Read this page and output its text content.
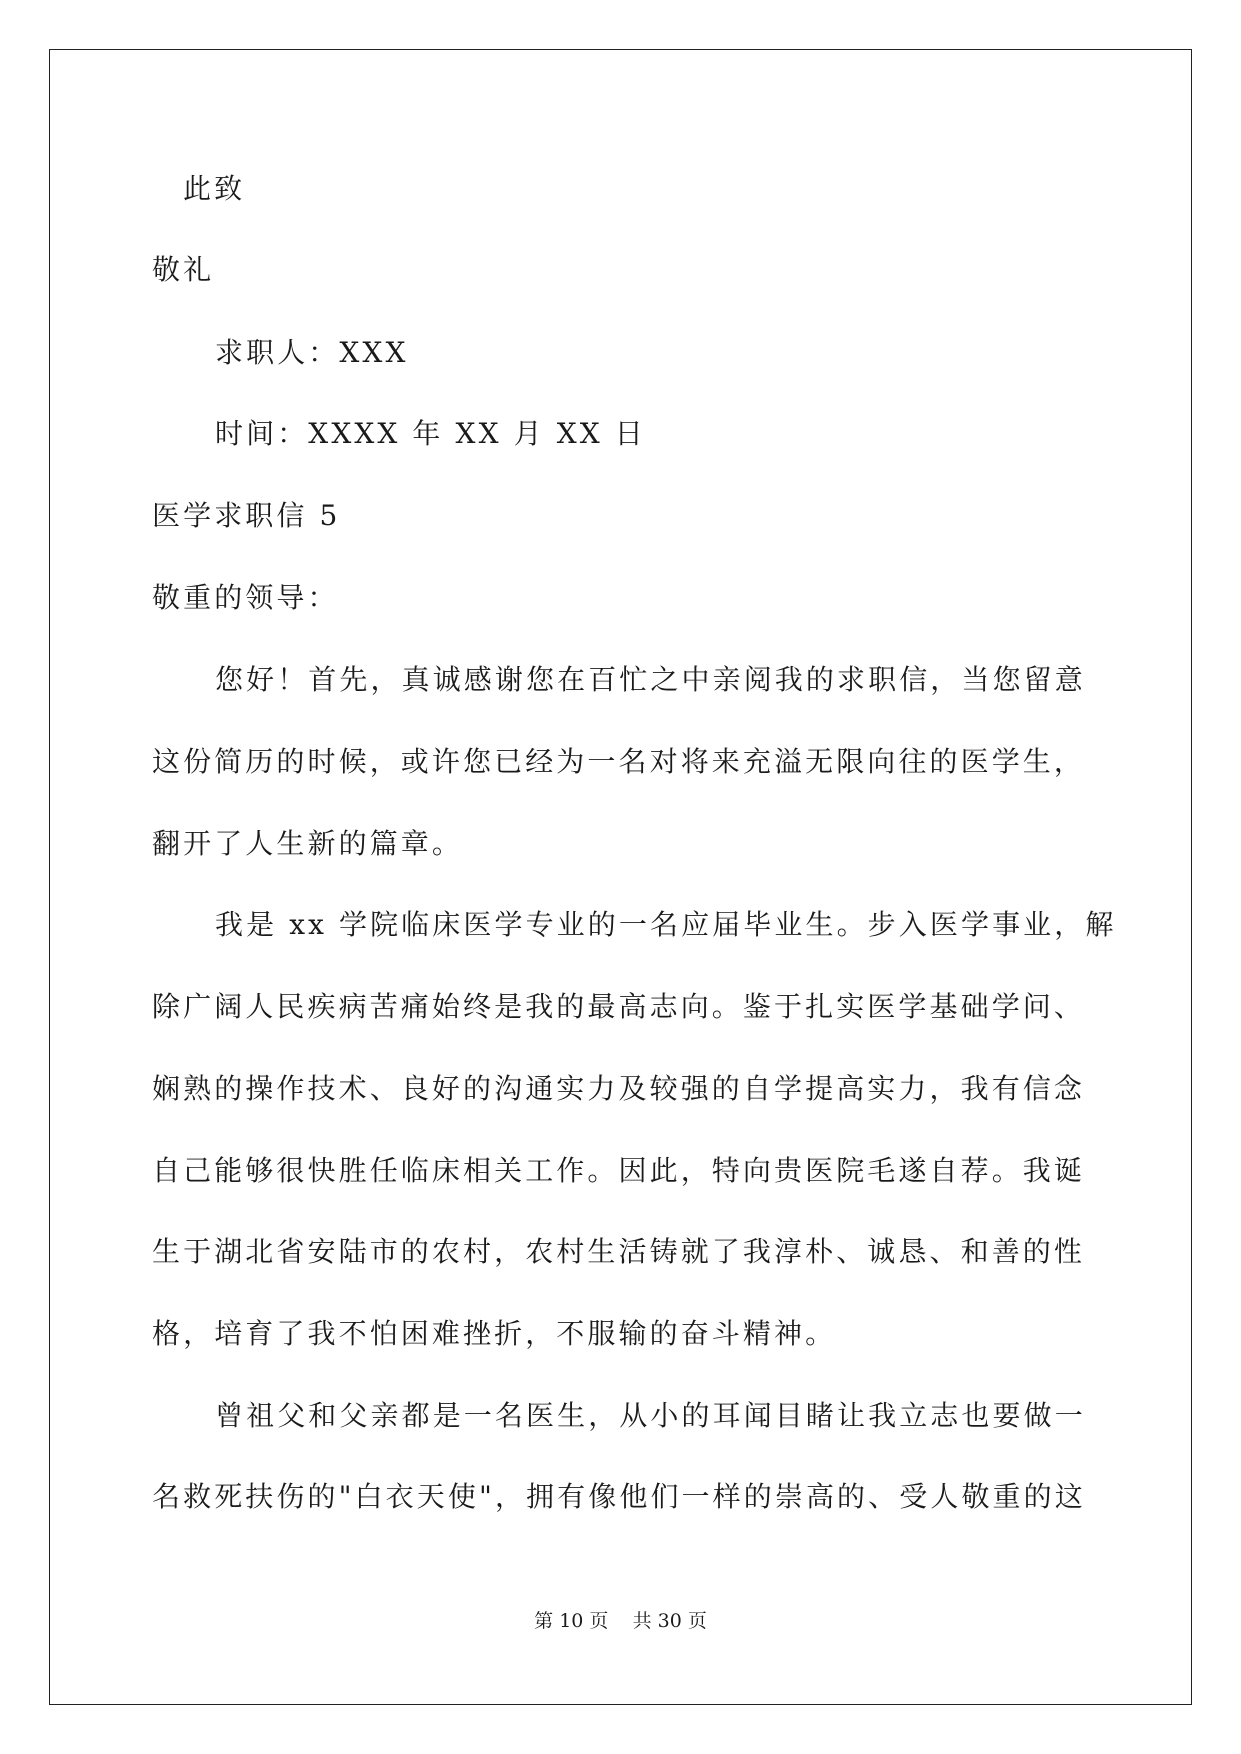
此致
敬礼
求职人：XXX
时间：XXXX 年 XX 月 XX 日
医学求职信 5
敬重的领导：
您好！首先，真诚感谢您在百忙之中亲阅我的求职信，当您留意
这份简历的时候，或许您已经为一名对将来充溢无限向往的医学生，
翻开了人生新的篇章。
我是 xx 学院临床医学专业的一名应届毕业生。步入医学事业，解
除广阔人民疾病苦痛始终是我的最高志向。鉴于扎实医学基础学问、
娴熟的操作技术、良好的沟通实力及较强的自学提高实力，我有信念
自己能够很快胜任临床相关工作。因此，特向贵医院毛遂自荐。我诞
生于湖北省安陆市的农村，农村生活铸就了我淳朴、诚恳、和善的性
格，培育了我不怕困难挫折，不服输的奋斗精神。
曾祖父和父亲都是一名医生，从小的耳闻目睹让我立志也要做一
名救死扶伤的"白衣天使"，拥有像他们一样的崇高的、受人敬重的这
第 10 页    共 30 页
